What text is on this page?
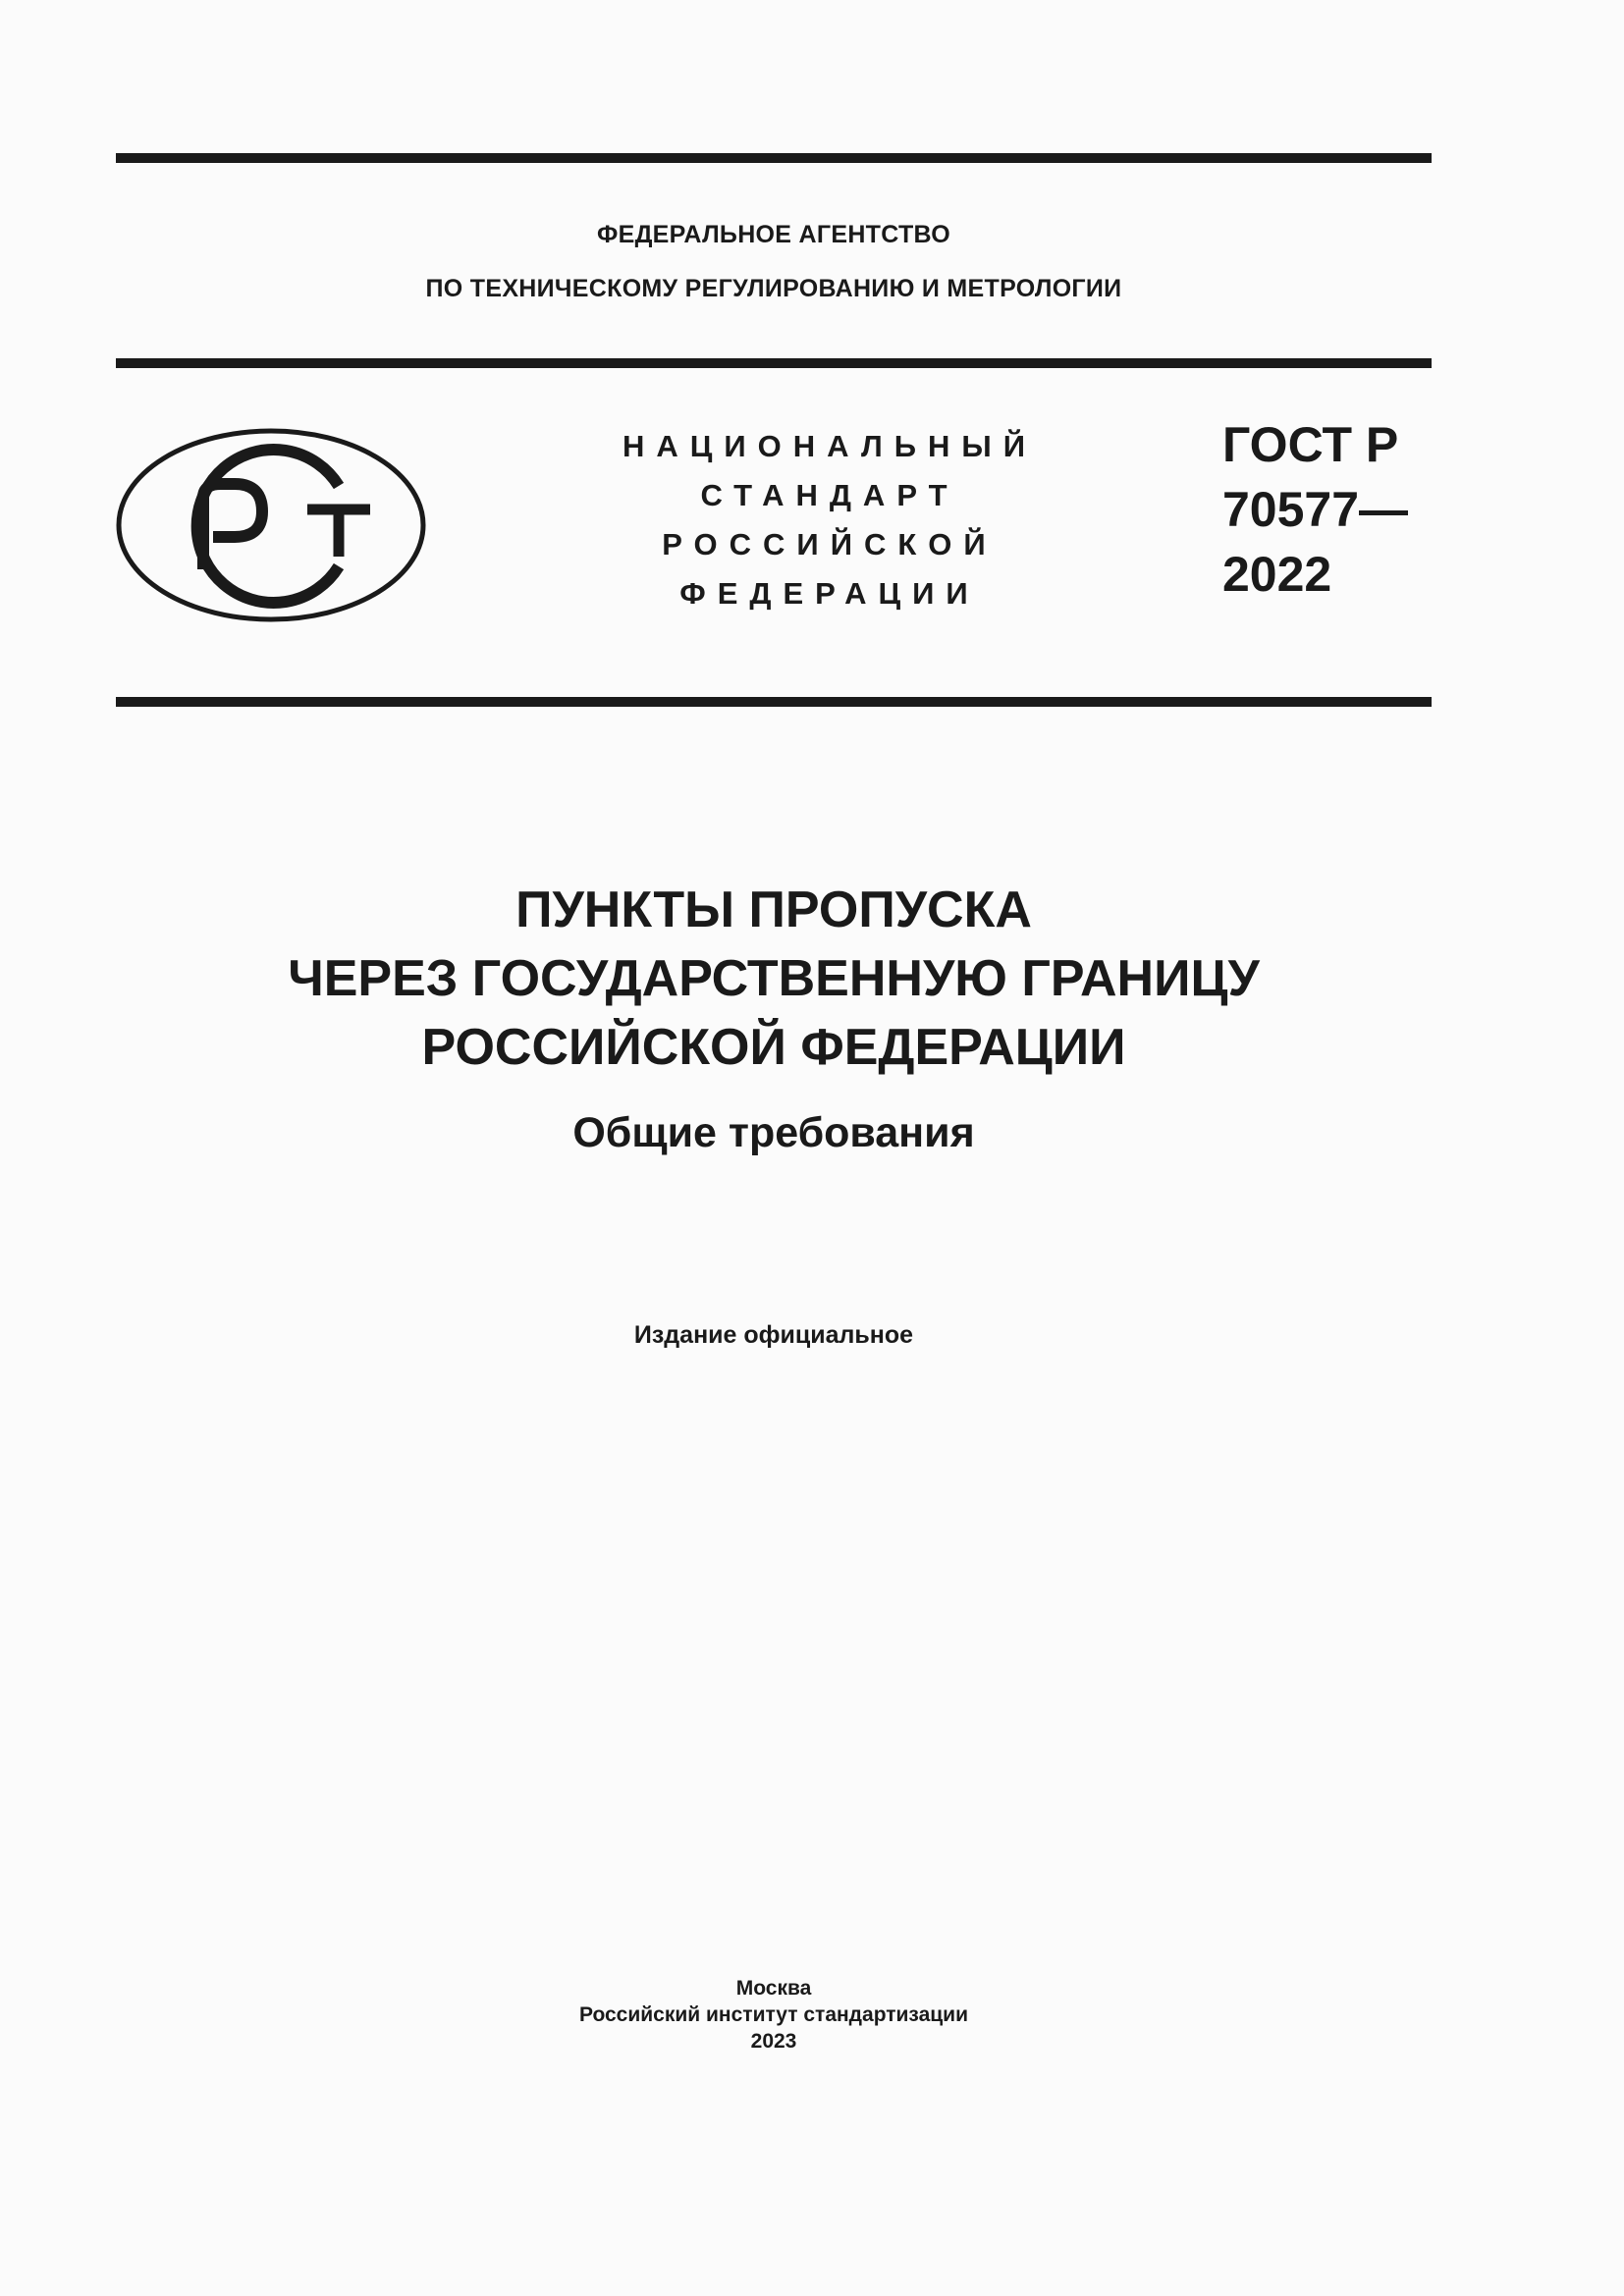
ФЕДЕРАЛЬНОЕ АГЕНТСТВО
ПО ТЕХНИЧЕСКОМУ РЕГУЛИРОВАНИЮ И МЕТРОЛОГИИ
НАЦИОНАЛЬНЫЙ
СТАНДАРТ
РОССИЙСКОЙ
ФЕДЕРАЦИИ
ГОСТ Р
70577—
2022
ПУНКТЫ ПРОПУСКА
ЧЕРЕЗ ГОСУДАРСТВЕННУЮ ГРАНИЦУ
РОССИЙСКОЙ ФЕДЕРАЦИИ
Общие требования
Издание официальное
Москва
Российский институт стандартизации
2023
